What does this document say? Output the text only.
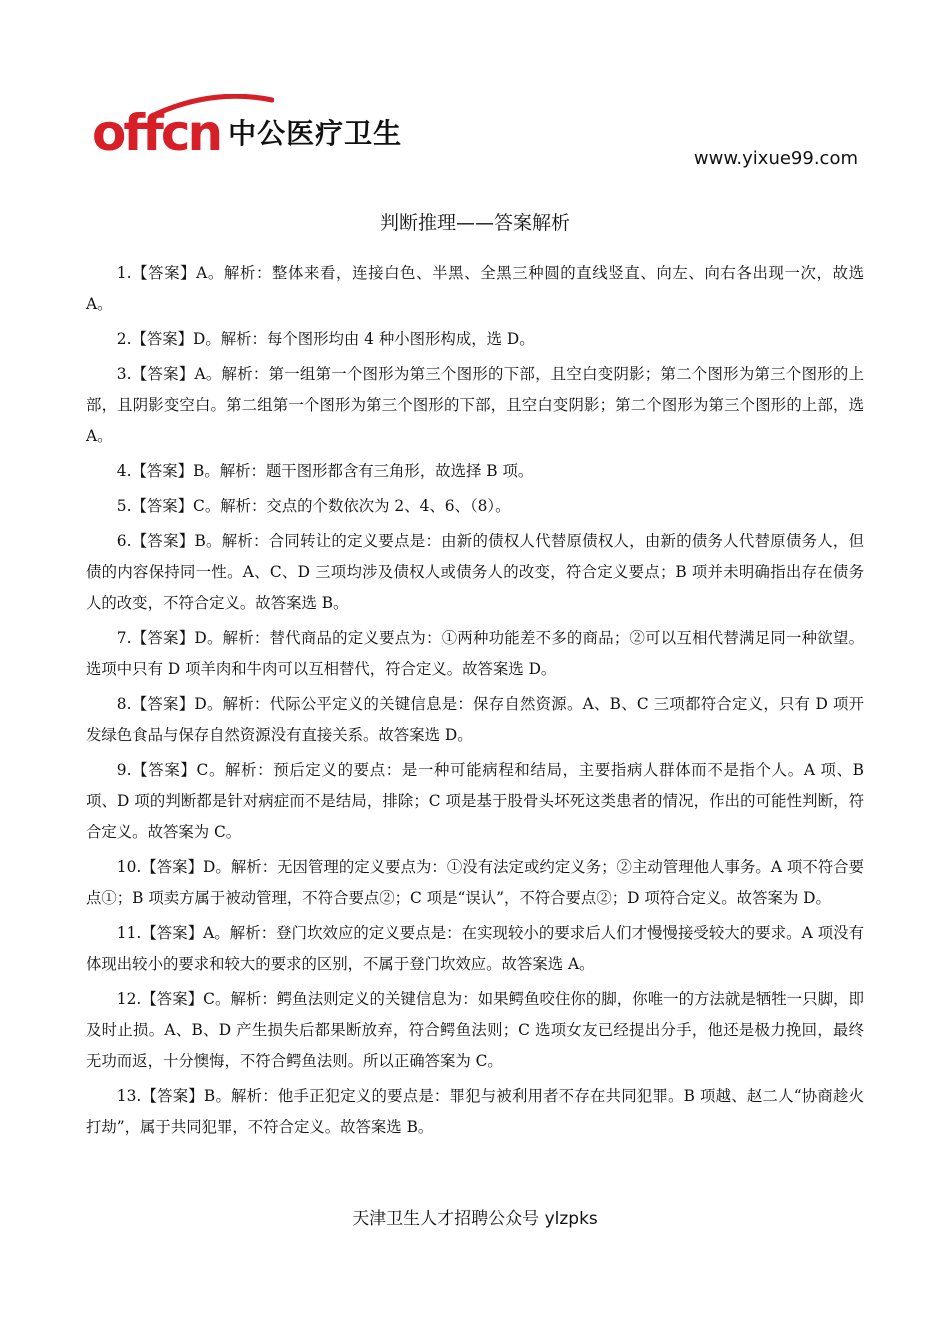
offcn 中公医疗卫生
www.yixue99.com
判断推理——答案解析

1.【答案】A。解析：整体来看，连接白色、半黑、全黑三种圆的直线竖直、向左、向右各出现一次，故选 A。

2.【答案】D。解析：每个图形均由 4 种小图形构成，选 D。

3.【答案】A。解析：第一组第一个图形为第三个图形的下部，且空白变阴影；第二个图形为第三个图形的上部，且阴影变空白。第二组第一个图形为第三个图形的下部，且空白变阴影；第二个图形为第三个图形的上部，选 A。

4.【答案】B。解析：题干图形都含有三角形，故选择 B 项。

5.【答案】C。解析：交点的个数依次为 2、4、6、（8）。

6.【答案】B。解析：合同转让的定义要点是：由新的债权人代替原债权人，由新的债务人代替原债务人，但债的内容保持同一性。A、C、D 三项均涉及债权人或债务人的改变，符合定义要点；B 项并未明确指出存在债务人的改变，不符合定义。故答案选 B。

7.【答案】D。解析：替代商品的定义要点为：①两种功能差不多的商品；②可以互相代替满足同一种欲望。选项中只有 D 项羊肉和牛肉可以互相替代，符合定义。故答案选 D。

8.【答案】D。解析：代际公平定义的关键信息是：保存自然资源。A、B、C 三项都符合定义，只有 D 项开发绿色食品与保存自然资源没有直接关系。故答案选 D。

9.【答案】C。解析：预后定义的要点：是一种可能病程和结局，主要指病人群体而不是指个人。A 项、B 项、D 项的判断都是针对病症而不是结局，排除；C 项是基于股骨头坏死这类患者的情况，作出的可能性判断，符合定义。故答案为 C。

10.【答案】D。解析：无因管理的定义要点为：①没有法定或约定义务；②主动管理他人事务。A 项不符合要点①；B 项卖方属于被动管理，不符合要点②；C 项是“误认”，不符合要点②；D 项符合定义。故答案为 D。

11.【答案】A。解析：登门坎效应的定义要点是：在实现较小的要求后人们才慢慢接受较大的要求。A 项没有体现出较小的要求和较大的要求的区别，不属于登门坎效应。故答案选 A。

12.【答案】C。解析：鳄鱼法则定义的关键信息为：如果鳄鱼咬住你的脚，你唯一的方法就是牺牲一只脚，即及时止损。A、B、D 产生损失后都果断放弃，符合鳄鱼法则；C 选项女友已经提出分手，他还是极力挽回，最终无功而返，十分懊悔，不符合鳄鱼法则。所以正确答案为 C。

13.【答案】B。解析：他手正犯定义的要点是：罪犯与被利用者不存在共同犯罪。B 项越、赵二人“协商趁火打劫”，属于共同犯罪，不符合定义。故答案选 B。

天津卫生人才招聘公众号 ylzpks
